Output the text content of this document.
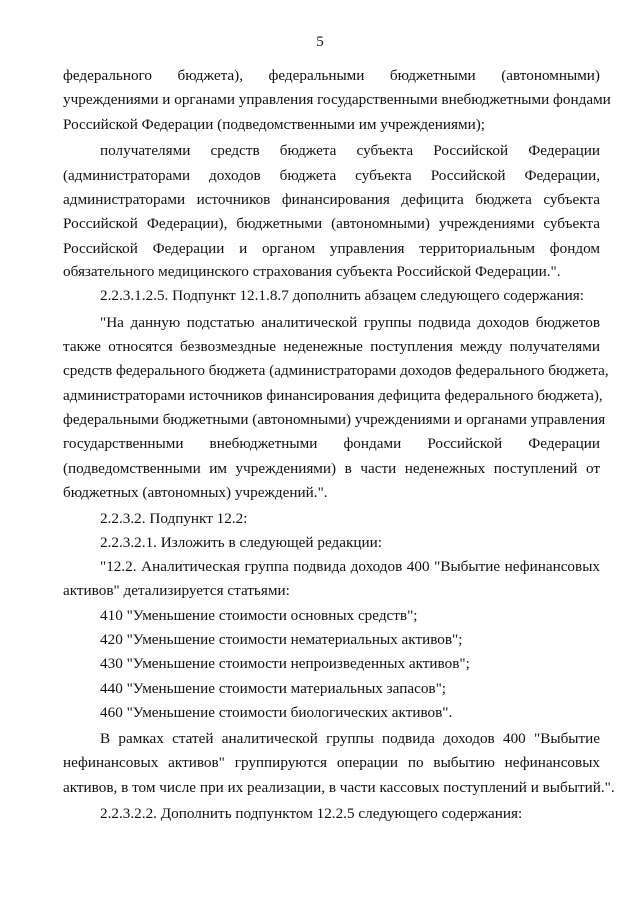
5
федерального бюджета), федеральными бюджетными (автономными)
учреждениями и органами управления государственными внебюджетными фондами
Российской Федерации (подведомственными им учреждениями);
получателями средств бюджета субъекта Российской Федерации
(администраторами доходов бюджета субъекта Российской Федерации,
администраторами источников финансирования дефицита бюджета субъекта
Российской Федерации), бюджетными (автономными) учреждениями субъекта
Российской Федерации и органом управления территориальным фондом
обязательного медицинского страхования субъекта Российской Федерации.".
2.2.3.1.2.5. Подпункт 12.1.8.7 дополнить абзацем следующего содержания:
"На данную подстатью аналитической группы подвида доходов бюджетов
также относятся безвозмездные неденежные поступления между получателями
средств федерального бюджета (администраторами доходов федерального бюджета,
администраторами источников финансирования дефицита федерального бюджета),
федеральными бюджетными (автономными) учреждениями и органами управления
государственными внебюджетными фондами Российской Федерации
(подведомственными им учреждениями) в части неденежных поступлений от
бюджетных (автономных) учреждений.".
2.2.3.2. Подпункт 12.2:
2.2.3.2.1. Изложить в следующей редакции:
"12.2. Аналитическая группа подвида доходов 400 "Выбытие нефинансовых
активов" детализируется статьями:
410 "Уменьшение стоимости основных средств";
420 "Уменьшение стоимости нематериальных активов";
430 "Уменьшение стоимости непроизведенных активов";
440 "Уменьшение стоимости материальных запасов";
460 "Уменьшение стоимости биологических активов".
В рамках статей аналитической группы подвида доходов 400 "Выбытие
нефинансовых активов" группируются операции по выбытию нефинансовых
активов, в том числе при их реализации, в части кассовых поступлений и выбытий.".
2.2.3.2.2. Дополнить подпунктом 12.2.5 следующего содержания:
